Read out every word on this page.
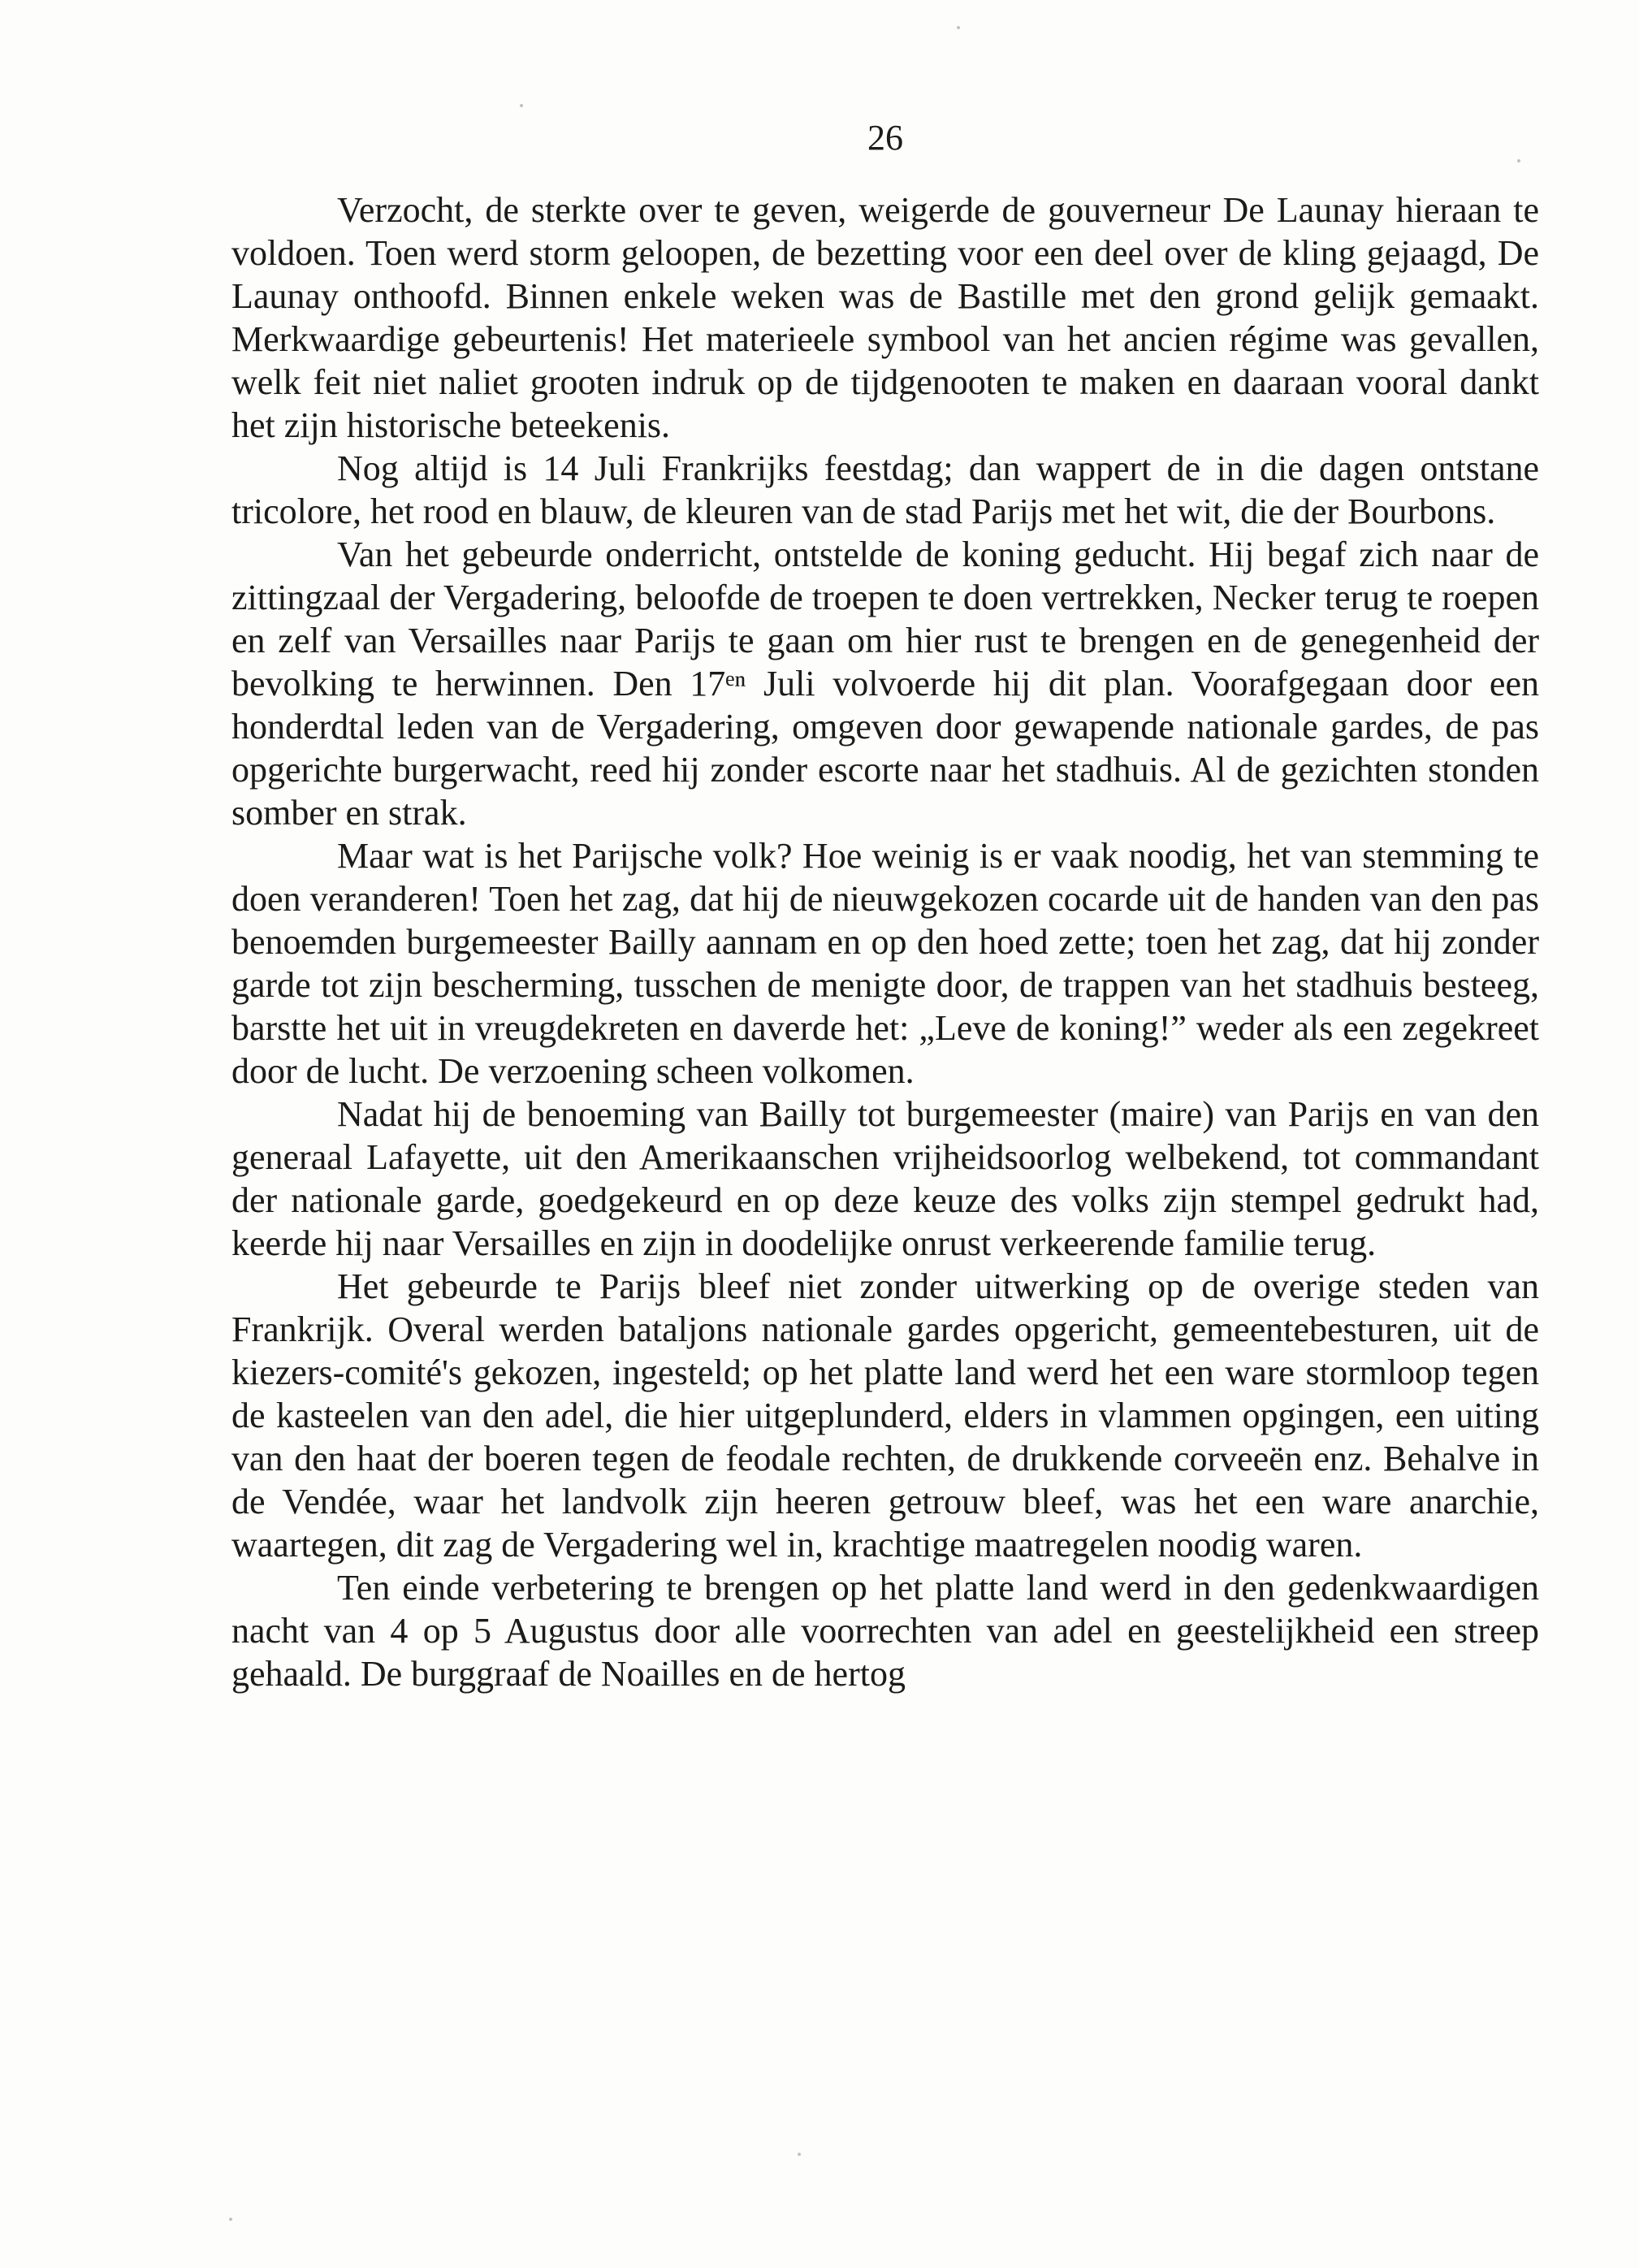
26

Verzocht, de sterkte over te geven, weigerde de gouverneur De Launay hieraan te voldoen. Toen werd storm geloopen, de bezetting voor een deel over de kling gejaagd, De Launay onthoofd. Binnen enkele weken was de Bastille met den grond gelijk gemaakt. Merkwaardige gebeurtenis! Het materieele symbool van het ancien régime was gevallen, welk feit niet naliet grooten indruk op de tijdgenooten te maken en daaraan vooral dankt het zijn historische beteekenis.

Nog altijd is 14 Juli Frankrijks feestdag; dan wappert de in die dagen ontstane tricolore, het rood en blauw, de kleuren van de stad Parijs met het wit, die der Bourbons.

Van het gebeurde onderricht, ontstelde de koning geducht. Hij begaf zich naar de zittingzaal der Vergadering, beloofde de troepen te doen vertrekken, Necker terug te roepen en zelf van Versailles naar Parijs te gaan om hier rust te brengen en de genegenheid der bevolking te herwinnen. Den 17ᵉⁿ Juli volvoerde hij dit plan. Voorafgegaan door een honderdtal leden van de Vergadering, omgeven door gewapende nationale gardes, de pas opgerichte burgerwacht, reed hij zonder escorte naar het stadhuis. Al de gezichten stonden somber en strak.

Maar wat is het Parijsche volk? Hoe weinig is er vaak noodig, het van stemming te doen veranderen! Toen het zag, dat hij de nieuwgekozen cocarde uit de handen van den pas benoemden burgemeester Bailly aannam en op den hoed zette; toen het zag, dat hij zonder garde tot zijn bescherming, tusschen de menigte door, de trappen van het stadhuis besteeg, barstte het uit in vreugdekreten en daverde het: „Leve de koning!” weder als een zegekreet door de lucht. De verzoening scheen volkomen.

Nadat hij de benoeming van Bailly tot burgemeester (maire) van Parijs en van den generaal Lafayette, uit den Amerikaanschen vrijheidsoorlog welbekend, tot commandant der nationale garde, goedgekeurd en op deze keuze des volks zijn stempel gedrukt had, keerde hij naar Versailles en zijn in doodelijke onrust verkeerende familie terug.

Het gebeurde te Parijs bleef niet zonder uitwerking op de overige steden van Frankrijk. Overal werden bataljons nationale gardes opgericht, gemeentebesturen, uit de kiezers-comité's gekozen, ingesteld; op het platte land werd het een ware stormloop tegen de kasteelen van den adel, die hier uitgeplunderd, elders in vlammen opgingen, een uiting van den haat der boeren tegen de feodale rechten, de drukkende corveeën enz. Behalve in de Vendée, waar het landvolk zijn heeren getrouw bleef, was het een ware anarchie, waartegen, dit zag de Vergadering wel in, krachtige maatregelen noodig waren.

Ten einde verbetering te brengen op het platte land werd in den gedenkwaardigen nacht van 4 op 5 Augustus door alle voorrechten van adel en geestelijkheid een streep gehaald. De burggraaf de Noailles en de hertog
